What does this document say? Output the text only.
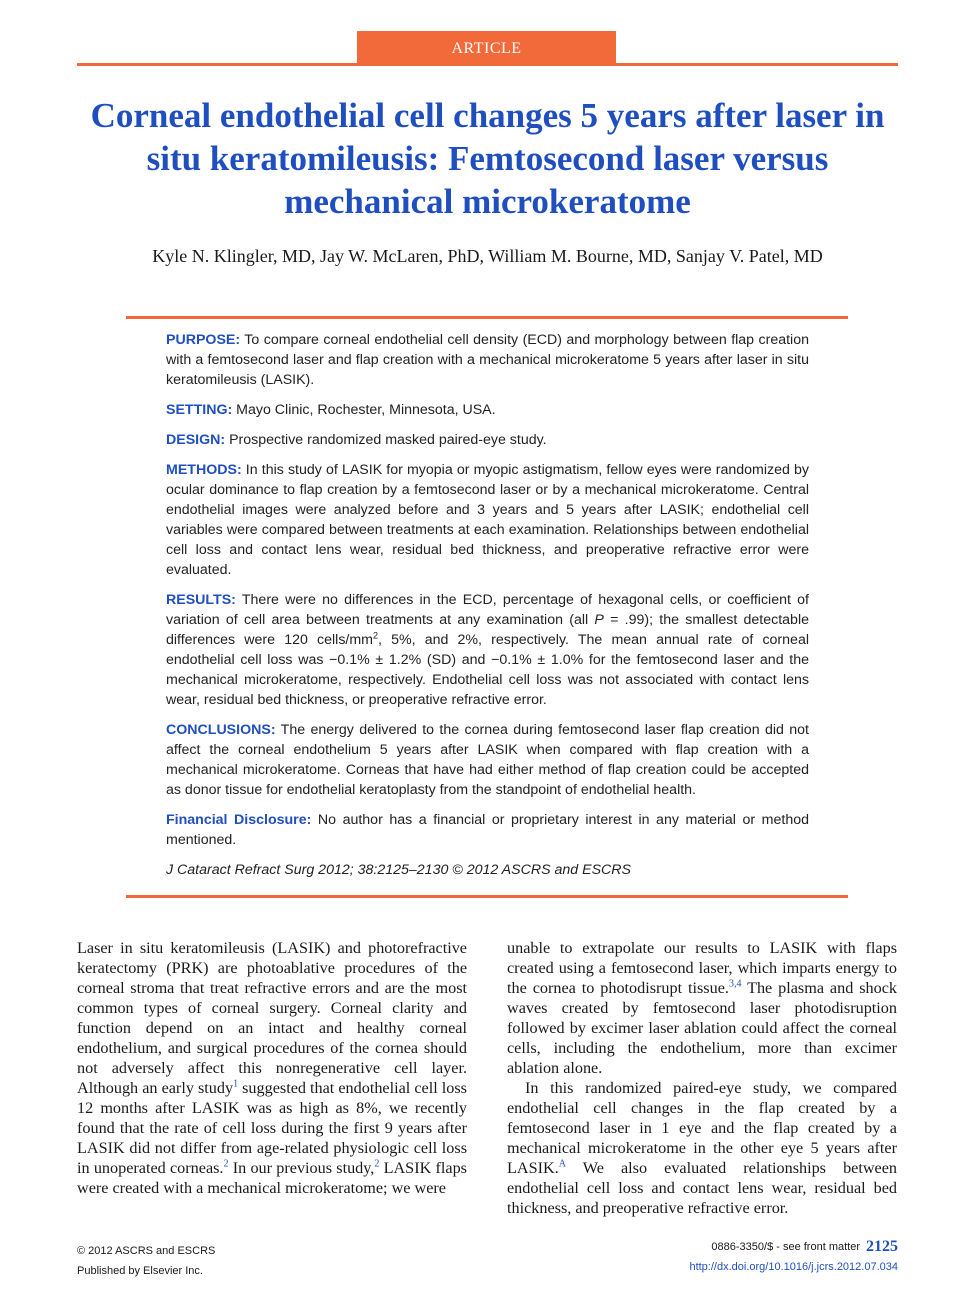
ARTICLE
Corneal endothelial cell changes 5 years after laser in situ keratomileusis: Femtosecond laser versus mechanical microkeratome
Kyle N. Klingler, MD, Jay W. McLaren, PhD, William M. Bourne, MD, Sanjay V. Patel, MD

PURPOSE: To compare corneal endothelial cell density (ECD) and morphology between flap creation with a femtosecond laser and flap creation with a mechanical microkeratome 5 years after laser in situ keratomileusis (LASIK).

SETTING: Mayo Clinic, Rochester, Minnesota, USA.

DESIGN: Prospective randomized masked paired-eye study.

METHODS: In this study of LASIK for myopia or myopic astigmatism, fellow eyes were randomized by ocular dominance to flap creation by a femtosecond laser or by a mechanical microkeratome. Central endothelial images were analyzed before and 3 years and 5 years after LASIK; endothelial cell variables were compared between treatments at each examination. Relationships between endothelial cell loss and contact lens wear, residual bed thickness, and preoperative refractive error were evaluated.

RESULTS: There were no differences in the ECD, percentage of hexagonal cells, or coefficient of variation of cell area between treatments at any examination (all P = .99); the smallest detectable differences were 120 cells/$mm^2$, 5%, and 2%, respectively. The mean annual rate of corneal endothelial cell loss was −0.1% ± 1.2% (SD) and −0.1% ± 1.0% for the femtosecond laser and the mechanical microkeratome, respectively. Endothelial cell loss was not associated with contact lens wear, residual bed thickness, or preoperative refractive error.

CONCLUSIONS: The energy delivered to the cornea during femtosecond laser flap creation did not affect the corneal endothelium 5 years after LASIK when compared with flap creation with a mechanical microkeratome. Corneas that have had either method of flap creation could be accepted as donor tissue for endothelial keratoplasty from the standpoint of endothelial health.

Financial Disclosure: No author has a financial or proprietary interest in any material or method mentioned.

J Cataract Refract Surg 2012; 38:2125–2130 © 2012 ASCRS and ESCRS

Laser in situ keratomileusis (LASIK) and photorefractive keratectomy (PRK) are photoablative procedures of the corneal stroma that treat refractive errors and are the most common types of corneal surgery. Corneal clarity and function depend on an intact and healthy corneal endothelium, and surgical procedures of the cornea should not adversely affect this nonregenerative cell layer. Although an early study$^1$ suggested that endothelial cell loss 12 months after LASIK was as high as 8%, we recently found that the rate of cell loss during the first 9 years after LASIK did not differ from age-related physiologic cell loss in unoperated corneas.$^2$ In our previous study,$^2$ LASIK flaps were created with a mechanical microkeratome; we were

unable to extrapolate our results to LASIK with flaps created using a femtosecond laser, which imparts energy to the cornea to photodisrupt tissue.$^{3,4}$ The plasma and shock waves created by femtosecond laser photodisruption followed by excimer laser ablation could affect the corneal cells, including the endothelium, more than excimer ablation alone.

In this randomized paired-eye study, we compared endothelial cell changes in the flap created by a femtosecond laser in 1 eye and the flap created by a mechanical microkeratome in the other eye 5 years after LASIK.$^A$ We also evaluated relationships between endothelial cell loss and contact lens wear, residual bed thickness, and preoperative refractive error.

© 2012 ASCRS and ESCRS
Published by Elsevier Inc.
0886-3350/$ - see front matter 2125
http://dx.doi.org/10.1016/j.jcrs.2012.07.034
